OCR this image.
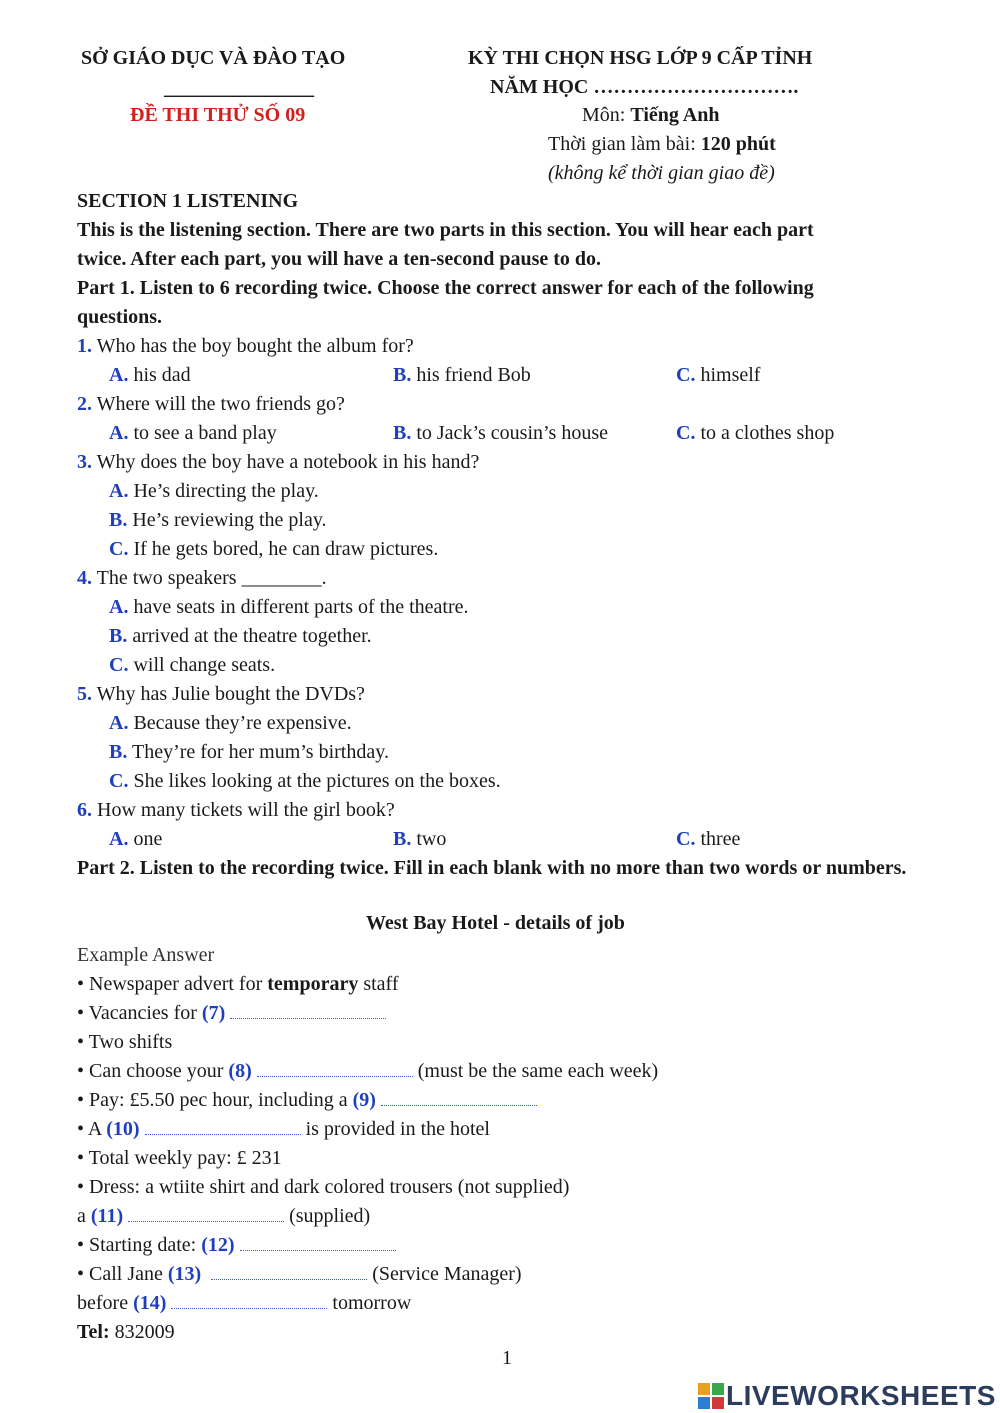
SỞ GIÁO DỤC VÀ ĐÀO TẠO
_______________
ĐỀ THI THỬ SỐ 09
KỲ THI CHỌN HSG LỚP 9 CẤP TỈNH
NĂM HỌC ………………………….
Môn: Tiếng Anh
Thời gian làm bài: 120 phút
(không kể thời gian giao đề)
SECTION 1 LISTENING
This is the listening section. There are two parts in this section. You will hear each part
twice. After each part, you will have a ten-second pause to do.
Part 1. Listen to 6 recording twice. Choose the correct answer for each of the following
questions.
1. Who has the boy bought the album for?
A. his dad	B. his friend Bob	C. himself
2. Where will the two friends go?
A. to see a band play	B. to Jack’s cousin’s house	C. to a clothes shop
3. Why does the boy have a notebook in his hand?
A. He’s directing the play.
B. He’s reviewing the play.
C. If he gets bored, he can draw pictures.
4. The two speakers ________.
A. have seats in different parts of the theatre.
B. arrived at the theatre together.
C. will change seats.
5. Why has Julie bought the DVDs?
A. Because they’re expensive.
B. They’re for her mum’s birthday.
C. She likes looking at the pictures on the boxes.
6. How many tickets will the girl book?
A. one	B. two	C. three
Part 2. Listen to the recording twice. Fill in each blank with no more than two words or numbers.
West Bay Hotel - details of job
Example Answer
• Newspaper advert for temporary staff
• Vacancies for (7)
• Two shifts
• Can choose your (8)	(must be the same each week)
• Pay: £5.50 pec hour, including a (9)
• A (10)	is provided in the hotel
• Total weekly pay: £ 231
• Dress: a wtiite shirt and dark colored trousers (not supplied)
a (11)	(supplied)
• Starting date: (12)
• Call Jane (13)	(Service Manager)
before (14)	tomorrow
Tel: 832009
1
LIVEWORKSHEETS
